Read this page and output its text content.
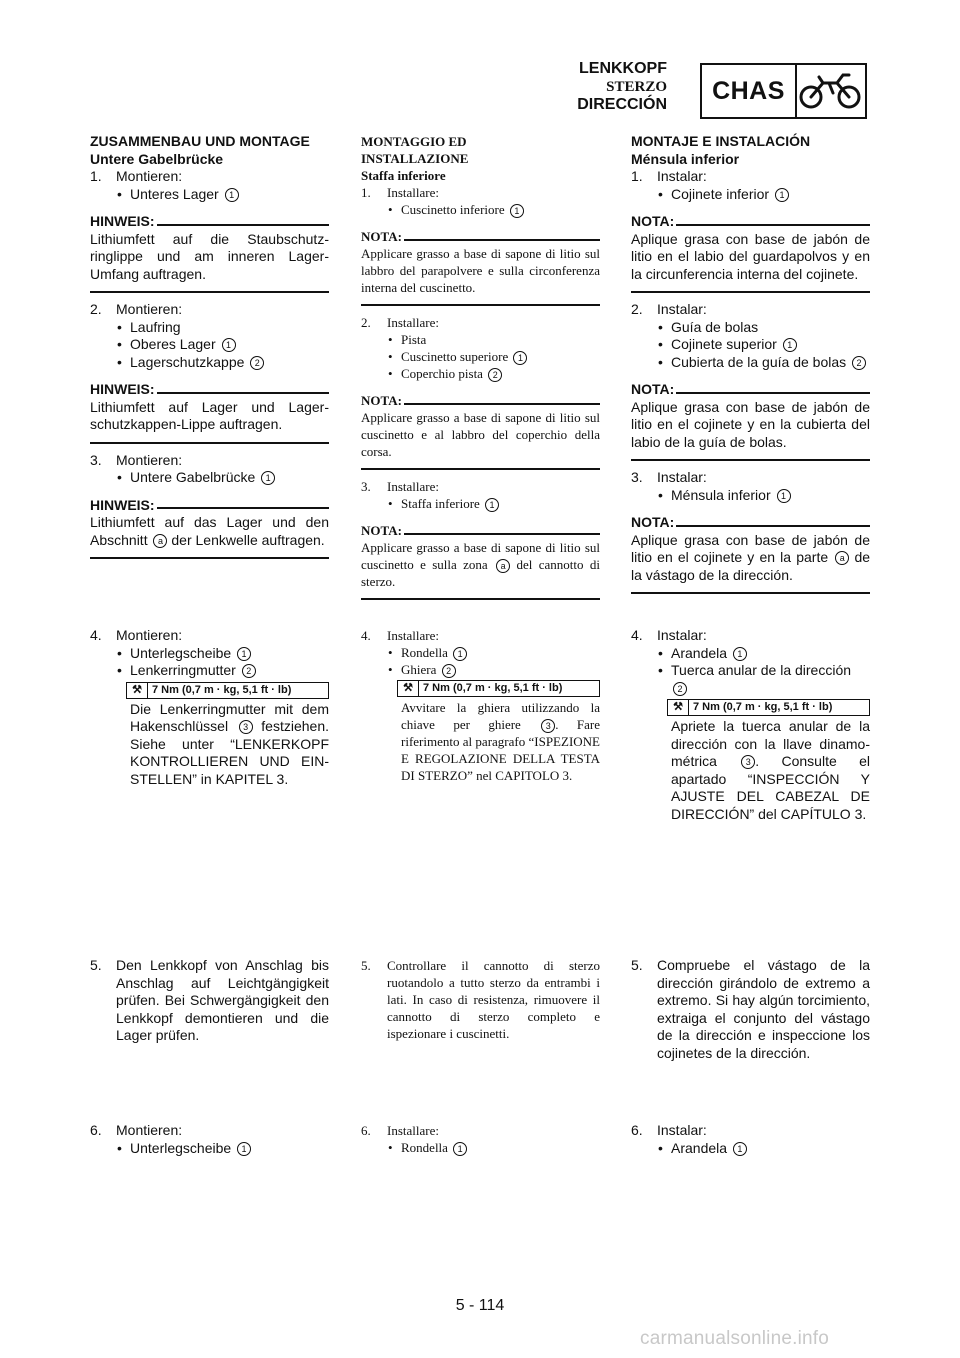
LENKKOPF
STERZO
DIRECCIÓN	CHAS
ZUSAMMENBAU UND MONTAGE
Untere Gabelbrücke
1.	Montieren:
• Unteres Lager 1
HINWEIS:
Lithiumfett auf die Staubschutzringlippe und am inneren LagerUmfang auftragen.
2.	Montieren:
• Laufring
• Oberes Lager 1
• Lagerschutzkappe 2
HINWEIS:
Lithiumfett auf Lager und Lagerschutzkappen-Lippe auftragen.
3.	Montieren:
• Untere Gabelbrücke 1
HINWEIS:
Lithiumfett auf das Lager und den Abschnitt a der Lenkwelle auftragen.
4.	Montieren:
• Unterlegscheibe 1
• Lenkerringmutter 2
⚒ 7 Nm (0,7 m · kg, 5,1 ft · lb)
Die Lenkerringmutter mit dem Hakenschlüssel 3 festziehen. Siehe unter “LENKERKOPF KONTROLLIEREN UND EINSTELLEN” in KAPITEL 3.
5.	Den Lenkkopf von Anschlag bis Anschlag auf Leichtgängigkeit prüfen. Bei Schwergängigkeit den Lenkkopf demontieren und die Lager prüfen.
6.	Montieren:
• Unterlegscheibe 1
MONTAGGIO ED
INSTALLAZIONE
Staffa inferiore
1.	Installare:
• Cuscinetto inferiore 1
NOTA:
Applicare grasso a base di sapone di litio sul labbro del parapolvere e sulla circonferenza interna del cuscinetto.
2.	Installare:
• Pista
• Cuscinetto superiore 1
• Coperchio pista 2
NOTA:
Applicare grasso a base di sapone di litio sul cuscinetto e al labbro del coperchio della corsa.
3.	Installare:
• Staffa inferiore 1
NOTA:
Applicare grasso a base di sapone di litio sul cuscinetto e sulla zona a del cannotto di sterzo.
4.	Installare:
• Rondella 1
• Ghiera 2
⚒ 7 Nm (0,7 m · kg, 5,1 ft · lb)
Avvitare la ghiera utilizzando la chiave per ghiere	3 . Fare riferimento al paragrafo “ISPEZIONE E REGOLAZIONE DELLA TESTA DI STERZO” nel CAPITOLO 3.
5.	Controllare il cannotto di sterzo ruotandolo a tutto sterzo da entrambi i lati. In caso di resistenza, rimuovere il cannotto di sterzo completo e ispezionare i cuscinetti.
6.	Installare:
• Rondella 1
MONTAJE E INSTALACIÓN
Ménsula inferior
1.	Instalar:
• Cojinete inferior 1
NOTA:
Aplique grasa con base de jabón de litio en el labio del guardapolvos y en la circunferencia interna del cojinete.
2.	Instalar:
• Guía de bolas
• Cojinete superior 1
• Cubierta de la guía de bolas 2
NOTA:
Aplique grasa con base de jabón de litio en el cojinete y en la cubierta del labio de la guía de bolas.
3.	Instalar:
• Ménsula inferior 1
NOTA:
Aplique grasa con base de jabón de litio en el cojinete y en la parte a de la vástago de la dirección.
4.	Instalar:
• Arandela 1
• Tuerca anular de la dirección 2
⚒ 7 Nm (0,7 m · kg, 5,1 ft · lb)
Apriete la tuerca anular de la dirección con la llave dinamométrica	3 . Consulte el apartado “INSPECCIÓN Y AJUSTE DEL CABEZAL DE DIRECCIÓN” del CAPÍTULO 3.
5.	Compruebe el vástago de la dirección girándolo de extremo a extremo. Si hay algún torcimiento, extraiga el conjunto del vástago de la dirección e inspeccione los cojinetes de la dirección.
6.	Instalar:
• Arandela 1
5 - 114
carmanualsonline.info
